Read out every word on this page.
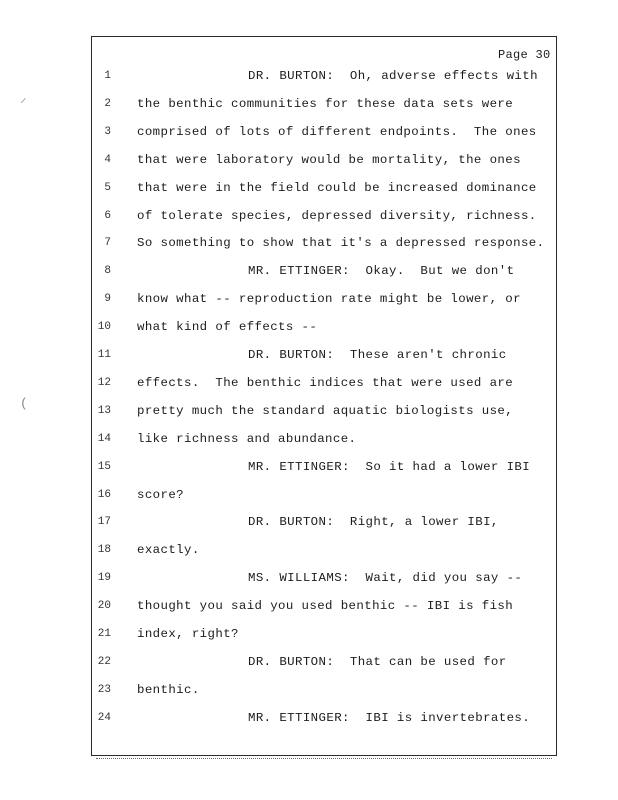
Page 30
1	DR. BURTON:  Oh, adverse effects with
2 the benthic communities for these data sets were
3 comprised of lots of different endpoints.  The ones
4 that were laboratory would be mortality, the ones
5 that were in the field could be increased dominance
6 of tolerate species, depressed diversity, richness.
7 So something to show that it's a depressed response.
8	MR. ETTINGER:  Okay.  But we don't
9 know what -- reproduction rate might be lower, or
10 what kind of effects --
11	DR. BURTON:  These aren't chronic
12 effects.  The benthic indices that were used are
13 pretty much the standard aquatic biologists use,
14 like richness and abundance.
15	MR. ETTINGER:  So it had a lower IBI
16 score?
17	DR. BURTON:  Right, a lower IBI,
18 exactly.
19	MS. WILLIAMS:  Wait, did you say --
20 thought you said you used benthic -- IBI is fish
21 index, right?
22	DR. BURTON:  That can be used for
23 benthic.
24	MR. ETTINGER:  IBI is invertebrates.
⸝
(
